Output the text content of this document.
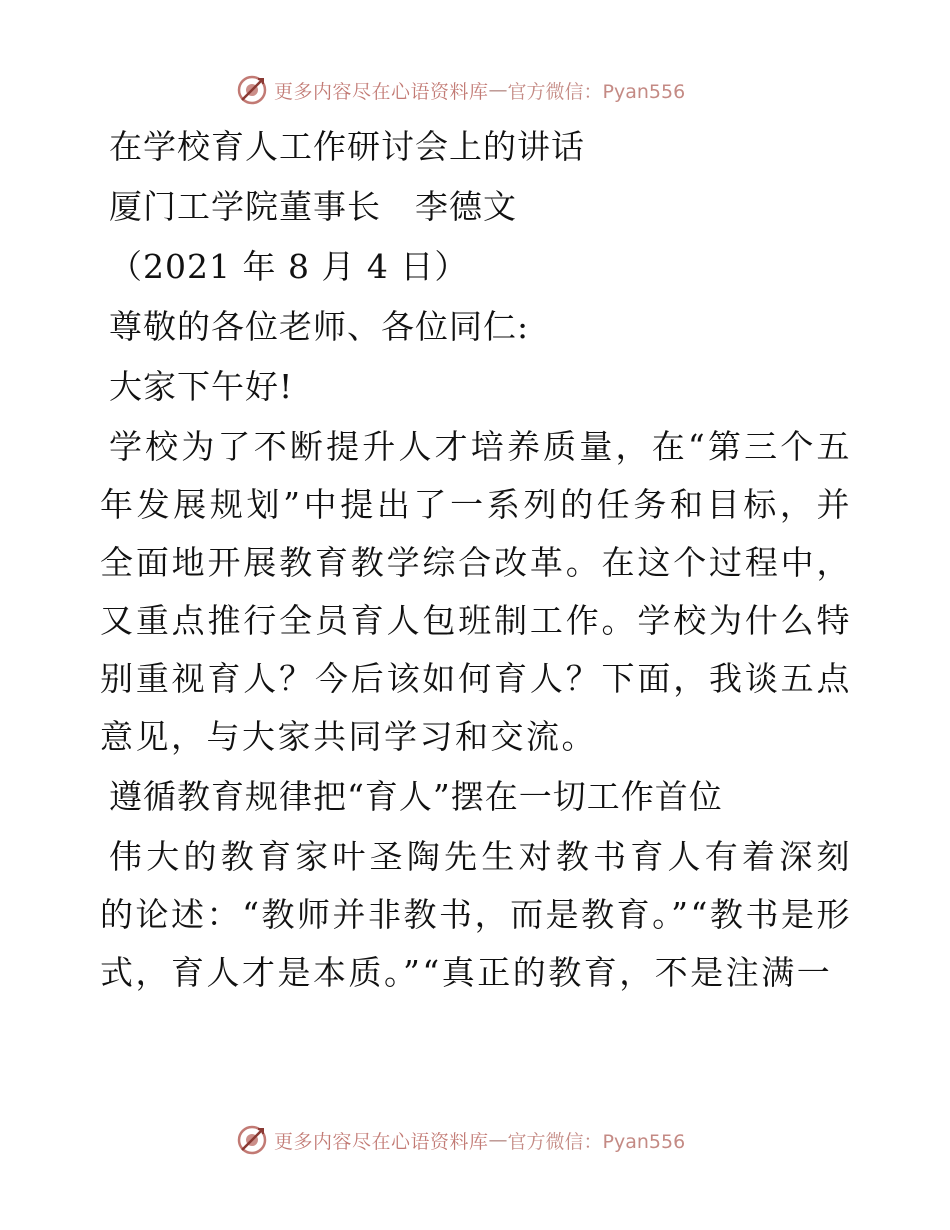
更多内容尽在心语资料库 — 官方微信：Pyan556
在学校育人工作研讨会上的讲话
厦门工学院董事长　李德文
（2021 年 8 月 4 日）
尊敬的各位老师、各位同仁:
大家下午好!
学校为了不断提升人才培养质量，在“第三个五年发展规划”中提出了一系列的任务和目标，并全面地开展教育教学综合改革。在这个过程中，又重点推行全员育人包班制工作。学校为什么特别重视育人？今后该如何育人？下面，我谈五点意见，与大家共同学习和交流。
遵循教育规律把“育人”摆在一切工作首位
伟大的教育家叶圣陶先生对教书育人有着深刻的论述：“教师并非教书，而是教育。”“教书是形式，育人才是本质。”“真正的教育，不是注满一
更多内容尽在心语资料库 — 官方微信：Pyan556
